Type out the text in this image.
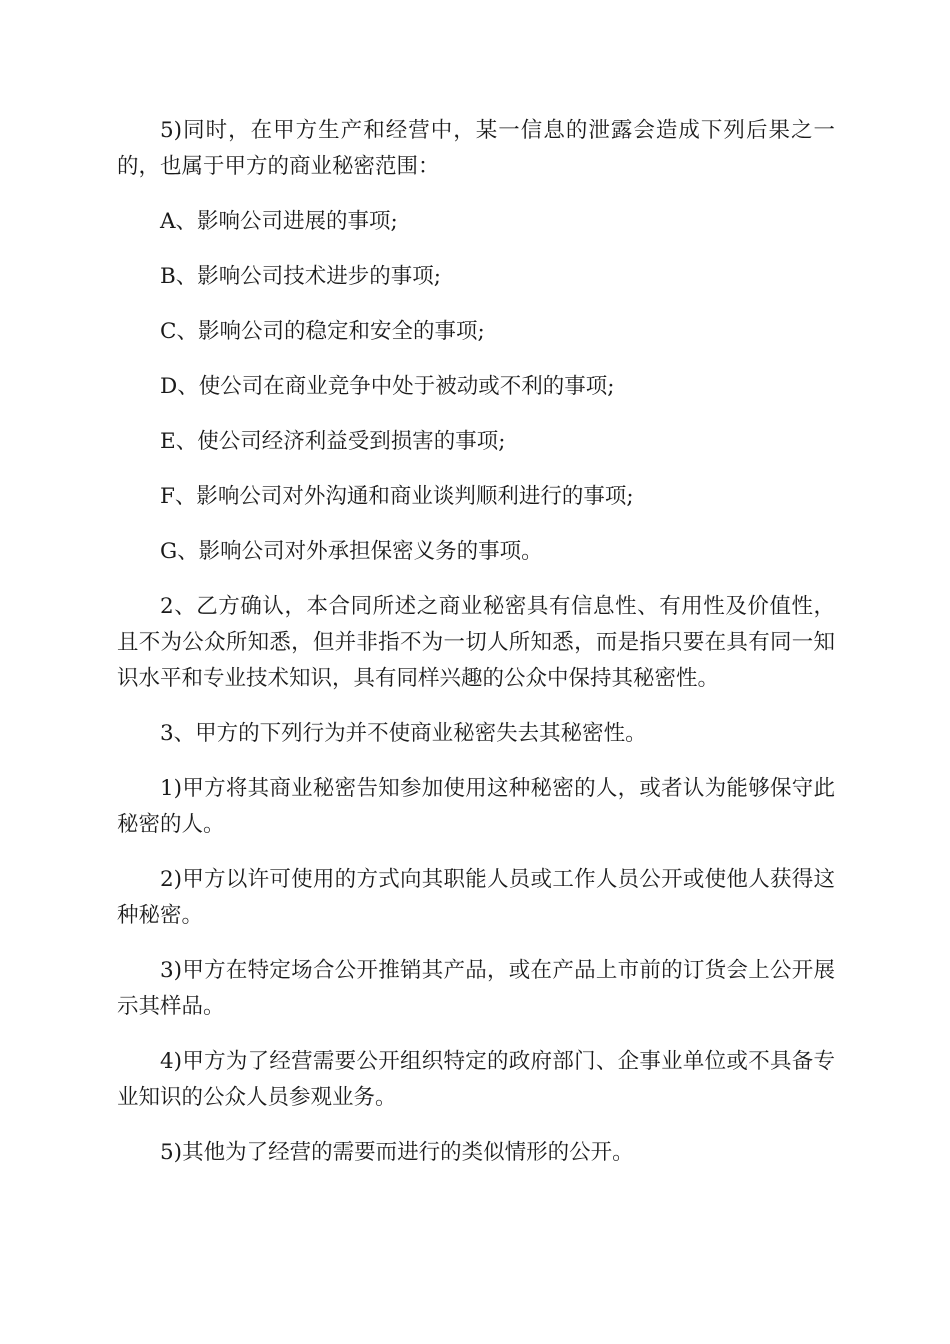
5)同时，在甲方生产和经营中，某一信息的泄露会造成下列后果之一的，也属于甲方的商业秘密范围：

A、影响公司进展的事项;

B、影响公司技术进步的事项;

C、影响公司的稳定和安全的事项;

D、使公司在商业竞争中处于被动或不利的事项;

E、使公司经济利益受到损害的事项;

F、影响公司对外沟通和商业谈判顺利进行的事项;

G、影响公司对外承担保密义务的事项。

2、乙方确认，本合同所述之商业秘密具有信息性、有用性及价值性，且不为公众所知悉，但并非指不为一切人所知悉，而是指只要在具有同一知识水平和专业技术知识，具有同样兴趣的公众中保持其秘密性。

3、甲方的下列行为并不使商业秘密失去其秘密性。

1)甲方将其商业秘密告知参加使用这种秘密的人，或者认为能够保守此秘密的人。

2)甲方以许可使用的方式向其职能人员或工作人员公开或使他人获得这种秘密。

3)甲方在特定场合公开推销其产品，或在产品上市前的订货会上公开展示其样品。

4)甲方为了经营需要公开组织特定的政府部门、企事业单位或不具备专业知识的公众人员参观业务。

5)其他为了经营的需要而进行的类似情形的公开。
